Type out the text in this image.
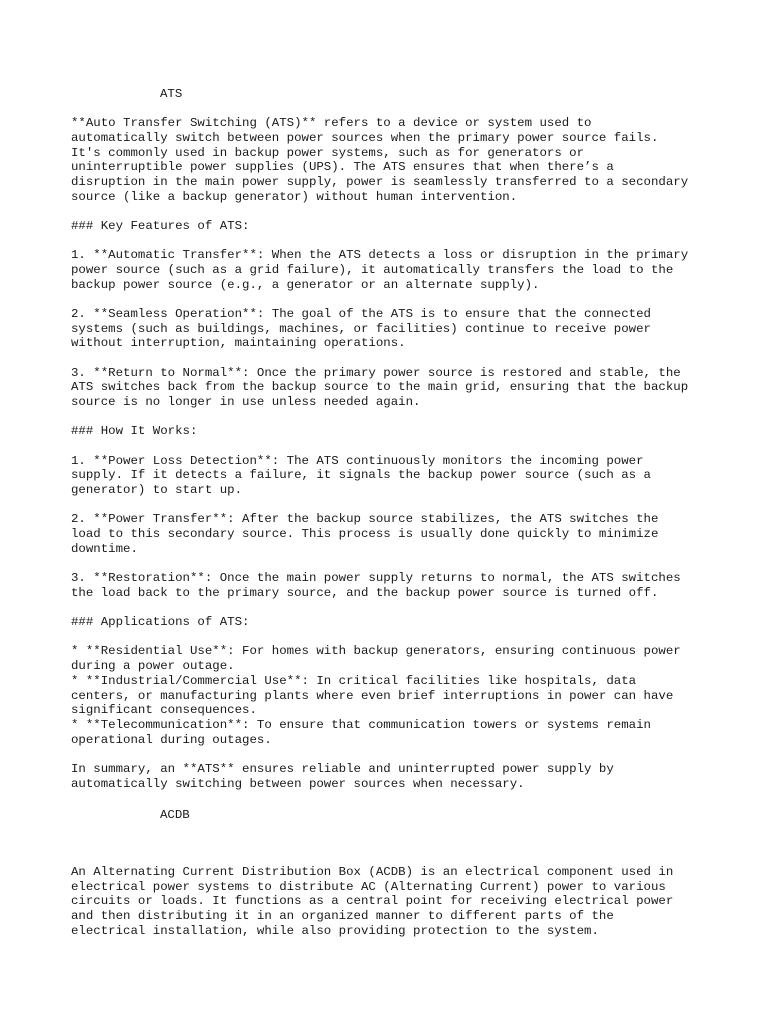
ATS
**Auto Transfer Switching (ATS)** refers to a device or system used to
automatically switch between power sources when the primary power source fails.
It's commonly used in backup power systems, such as for generators or
uninterruptible power supplies (UPS). The ATS ensures that when there’s a
disruption in the main power supply, power is seamlessly transferred to a secondary
source (like a backup generator) without human intervention.
### Key Features of ATS:
1. **Automatic Transfer**: When the ATS detects a loss or disruption in the primary
power source (such as a grid failure), it automatically transfers the load to the
backup power source (e.g., a generator or an alternate supply).
2. **Seamless Operation**: The goal of the ATS is to ensure that the connected
systems (such as buildings, machines, or facilities) continue to receive power
without interruption, maintaining operations.
3. **Return to Normal**: Once the primary power source is restored and stable, the
ATS switches back from the backup source to the main grid, ensuring that the backup
source is no longer in use unless needed again.
### How It Works:
1. **Power Loss Detection**: The ATS continuously monitors the incoming power
supply. If it detects a failure, it signals the backup power source (such as a
generator) to start up.
2. **Power Transfer**: After the backup source stabilizes, the ATS switches the
load to this secondary source. This process is usually done quickly to minimize
downtime.
3. **Restoration**: Once the main power supply returns to normal, the ATS switches
the load back to the primary source, and the backup power source is turned off.
### Applications of ATS:
* **Residential Use**: For homes with backup generators, ensuring continuous power
during a power outage.
* **Industrial/Commercial Use**: In critical facilities like hospitals, data
centers, or manufacturing plants where even brief interruptions in power can have
significant consequences.
* **Telecommunication**: To ensure that communication towers or systems remain
operational during outages.
In summary, an **ATS** ensures reliable and uninterrupted power supply by
automatically switching between power sources when necessary.
ACDB
An Alternating Current Distribution Box (ACDB) is an electrical component used in
electrical power systems to distribute AC (Alternating Current) power to various
circuits or loads. It functions as a central point for receiving electrical power
and then distributing it in an organized manner to different parts of the
electrical installation, while also providing protection to the system.
